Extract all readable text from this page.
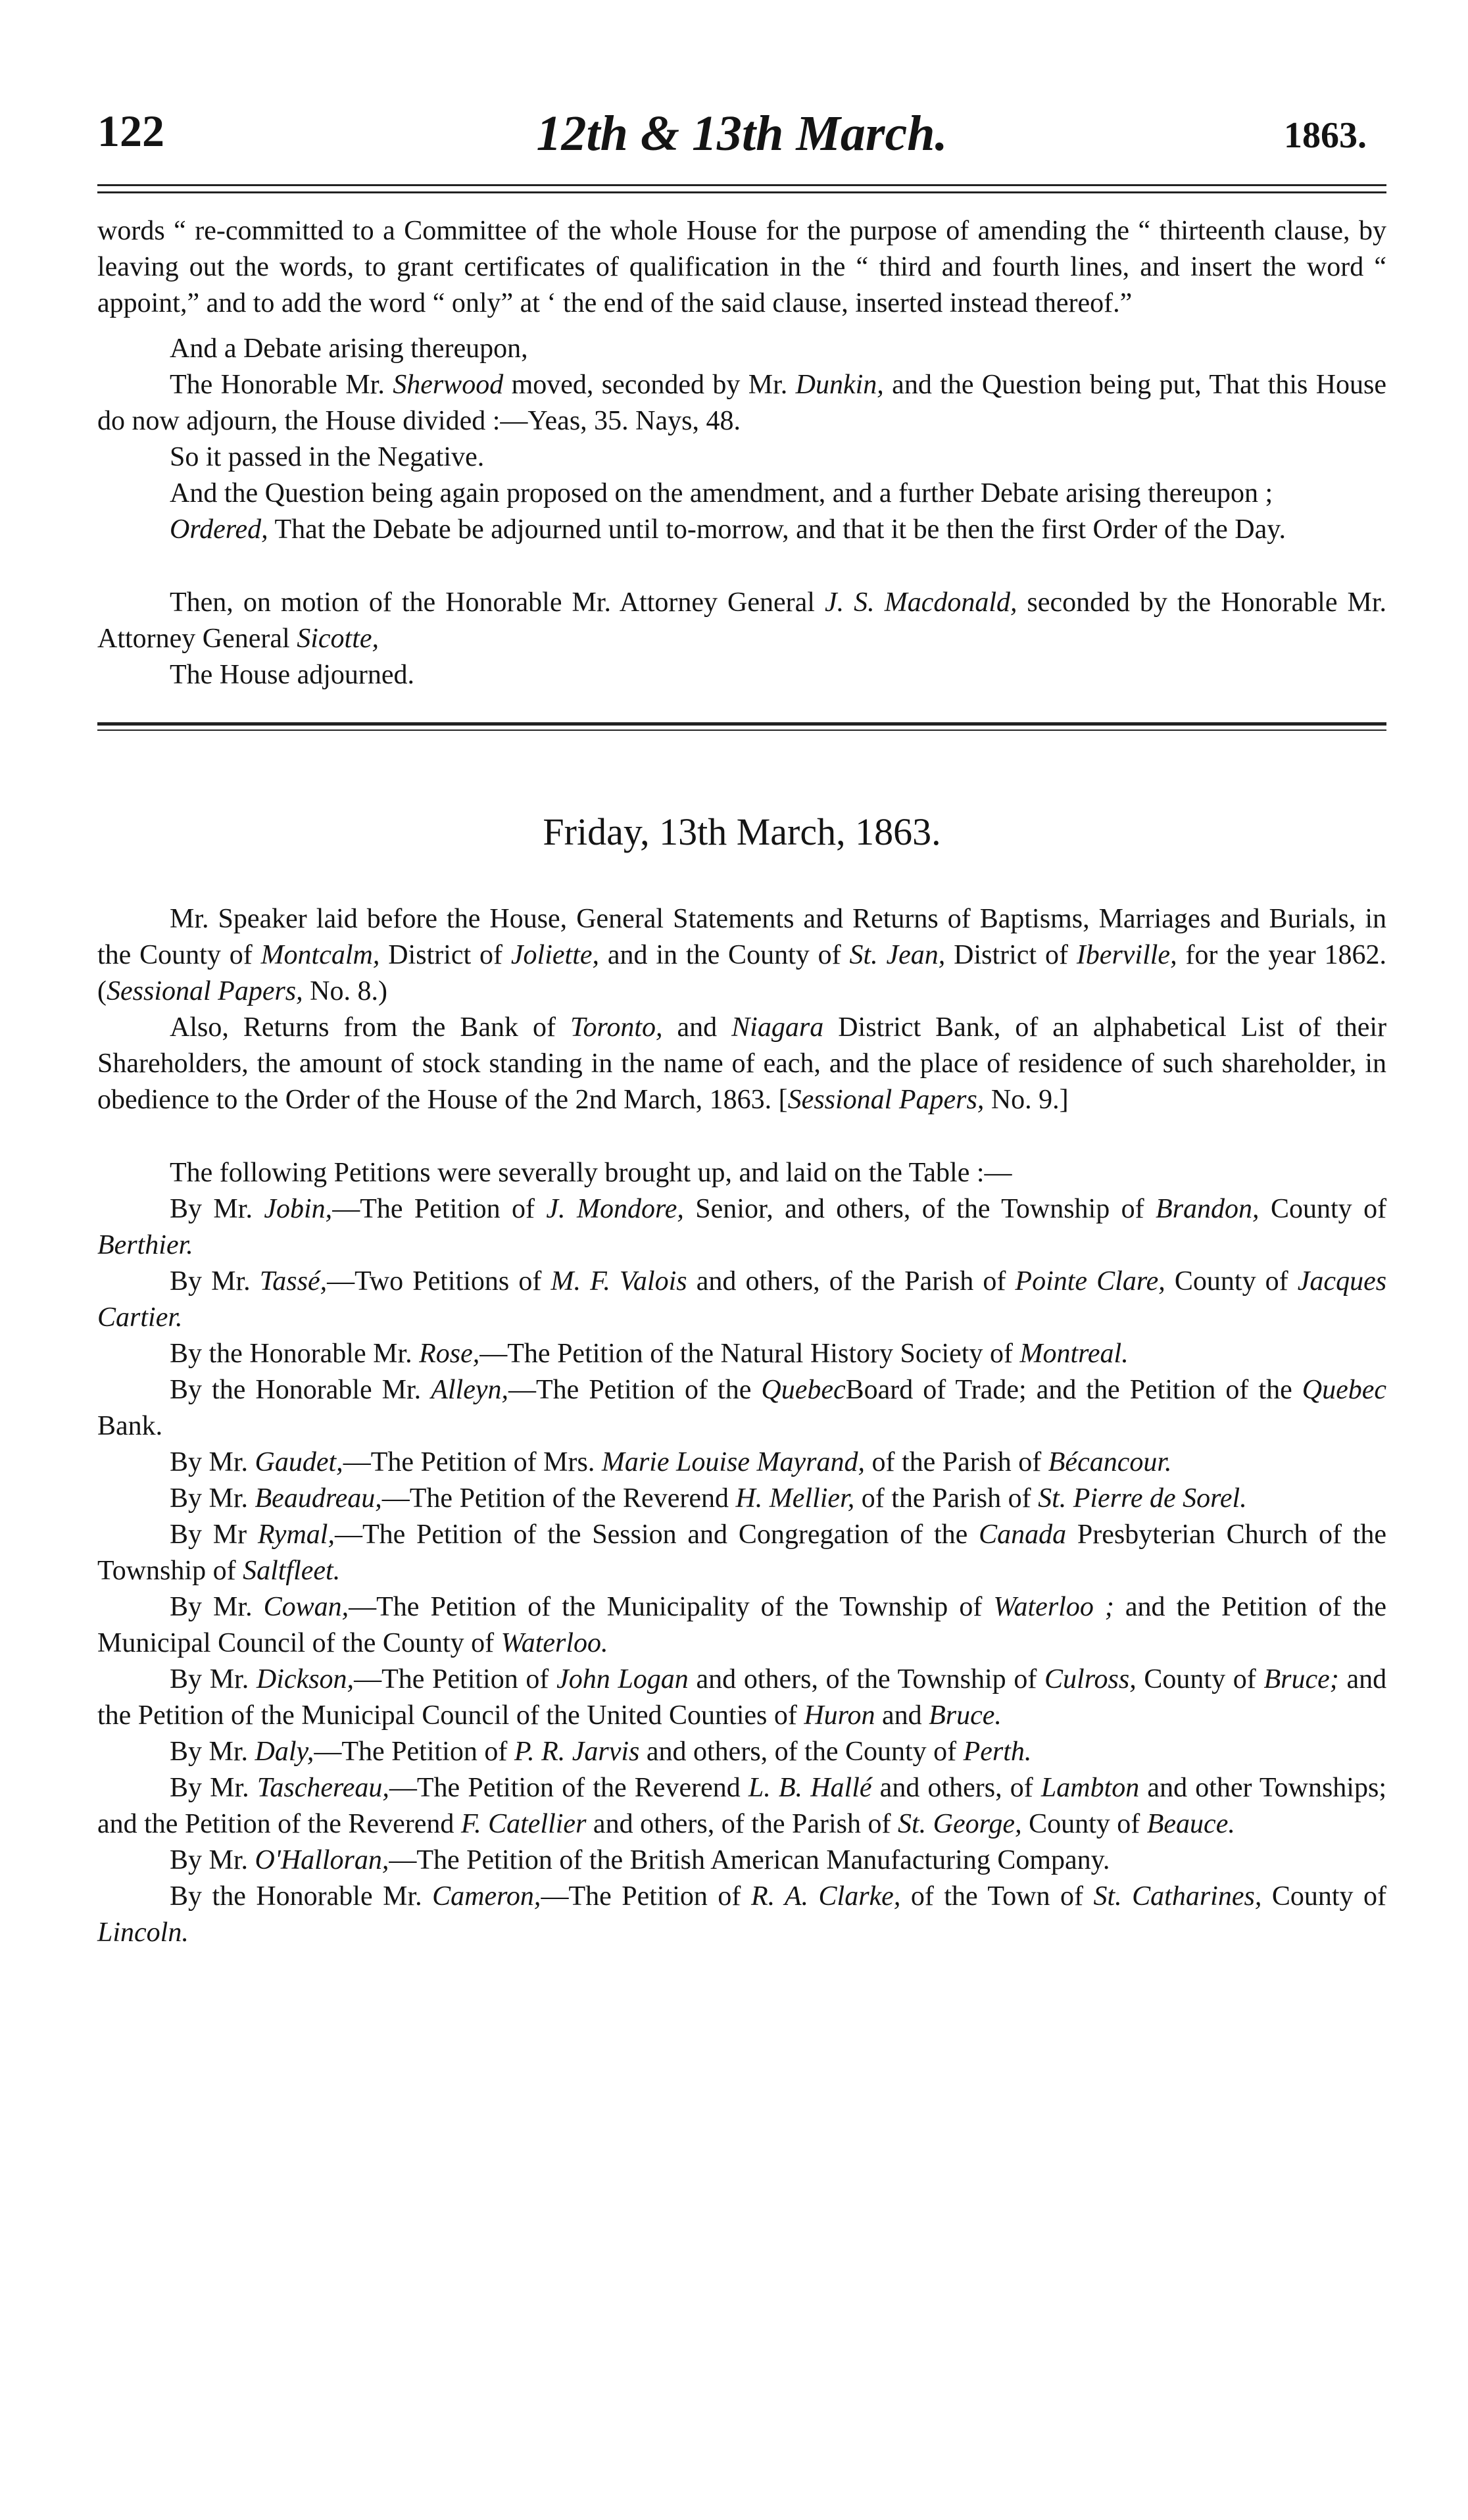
122	12th & 13th March.	1863.

words “ re-committed to a Committee of the whole House for the purpose of amending the “ thirteenth clause, by leaving out the words, to grant certificates of qualification in the “ third and fourth lines, and insert the word “ appoint,” and to add the word “ only” at ‘ the end of the said clause, inserted instead thereof.”

And a Debate arising thereupon,

The Honorable Mr. Sherwood moved, seconded by Mr. Dunkin, and the Question being put, That this House do now adjourn, the House divided :—Yeas, 35. Nays, 48.

So it passed in the Negative.

And the Question being again proposed on the amendment, and a further Debate arising thereupon ;

Ordered, That the Debate be adjourned until to-morrow, and that it be then the first Order of the Day.

Then, on motion of the Honorable Mr. Attorney General J. S. Macdonald, seconded by the Honorable Mr. Attorney General Sicotte,

The House adjourned.

Friday, 13th March, 1863.

Mr. Speaker laid before the House, General Statements and Returns of Baptisms, Marriages and Burials, in the County of Montcalm, District of Joliette, and in the County of St. Jean, District of Iberville, for the year 1862. (Sessional Papers, No. 8.)

Also, Returns from the Bank of Toronto, and Niagara District Bank, of an alphabetical List of their Shareholders, the amount of stock standing in the name of each, and the place of residence of such shareholder, in obedience to the Order of the House of the 2nd March, 1863. [Sessional Papers, No. 9.]

The following Petitions were severally brought up, and laid on the Table :—

By Mr. Jobin,—The Petition of J. Mondore, Senior, and others, of the Township of Brandon, County of Berthier.

By Mr. Tassé,—Two Petitions of M. F. Valois and others, of the Parish of Pointe Clare, County of Jacques Cartier.

By the Honorable Mr. Rose,—The Petition of the Natural History Society of Montreal.

By the Honorable Mr. Alleyn,—The Petition of the QuebecBoard of Trade; and the Petition of the Quebec Bank.

By Mr. Gaudet,—The Petition of Mrs. Marie Louise Mayrand, of the Parish of Bécancour.

By Mr. Beaudreau,—The Petition of the Reverend H. Mellier, of the Parish of St. Pierre de Sorel.

By Mr Rymal,—The Petition of the Session and Congregation of the Canada Presbyterian Church of the Township of Saltfleet.

By Mr. Cowan,—The Petition of the Municipality of the Township of Waterloo ; and the Petition of the Municipal Council of the County of Waterloo.

By Mr. Dickson,—The Petition of John Logan and others, of the Township of Culross, County of Bruce; and the Petition of the Municipal Council of the United Counties of Huron and Bruce.

By Mr. Daly,—The Petition of P. R. Jarvis and others, of the County of Perth.

By Mr. Taschereau,—The Petition of the Reverend L. B. Hallé and others, of Lambton and other Townships; and the Petition of the Reverend F. Catellier and others, of the Parish of St. George, County of Beauce.

By Mr. O'Halloran,—The Petition of the British American Manufacturing Company.

By the Honorable Mr. Cameron,—The Petition of R. A. Clarke, of the Town of St. Catharines, County of Lincoln.
